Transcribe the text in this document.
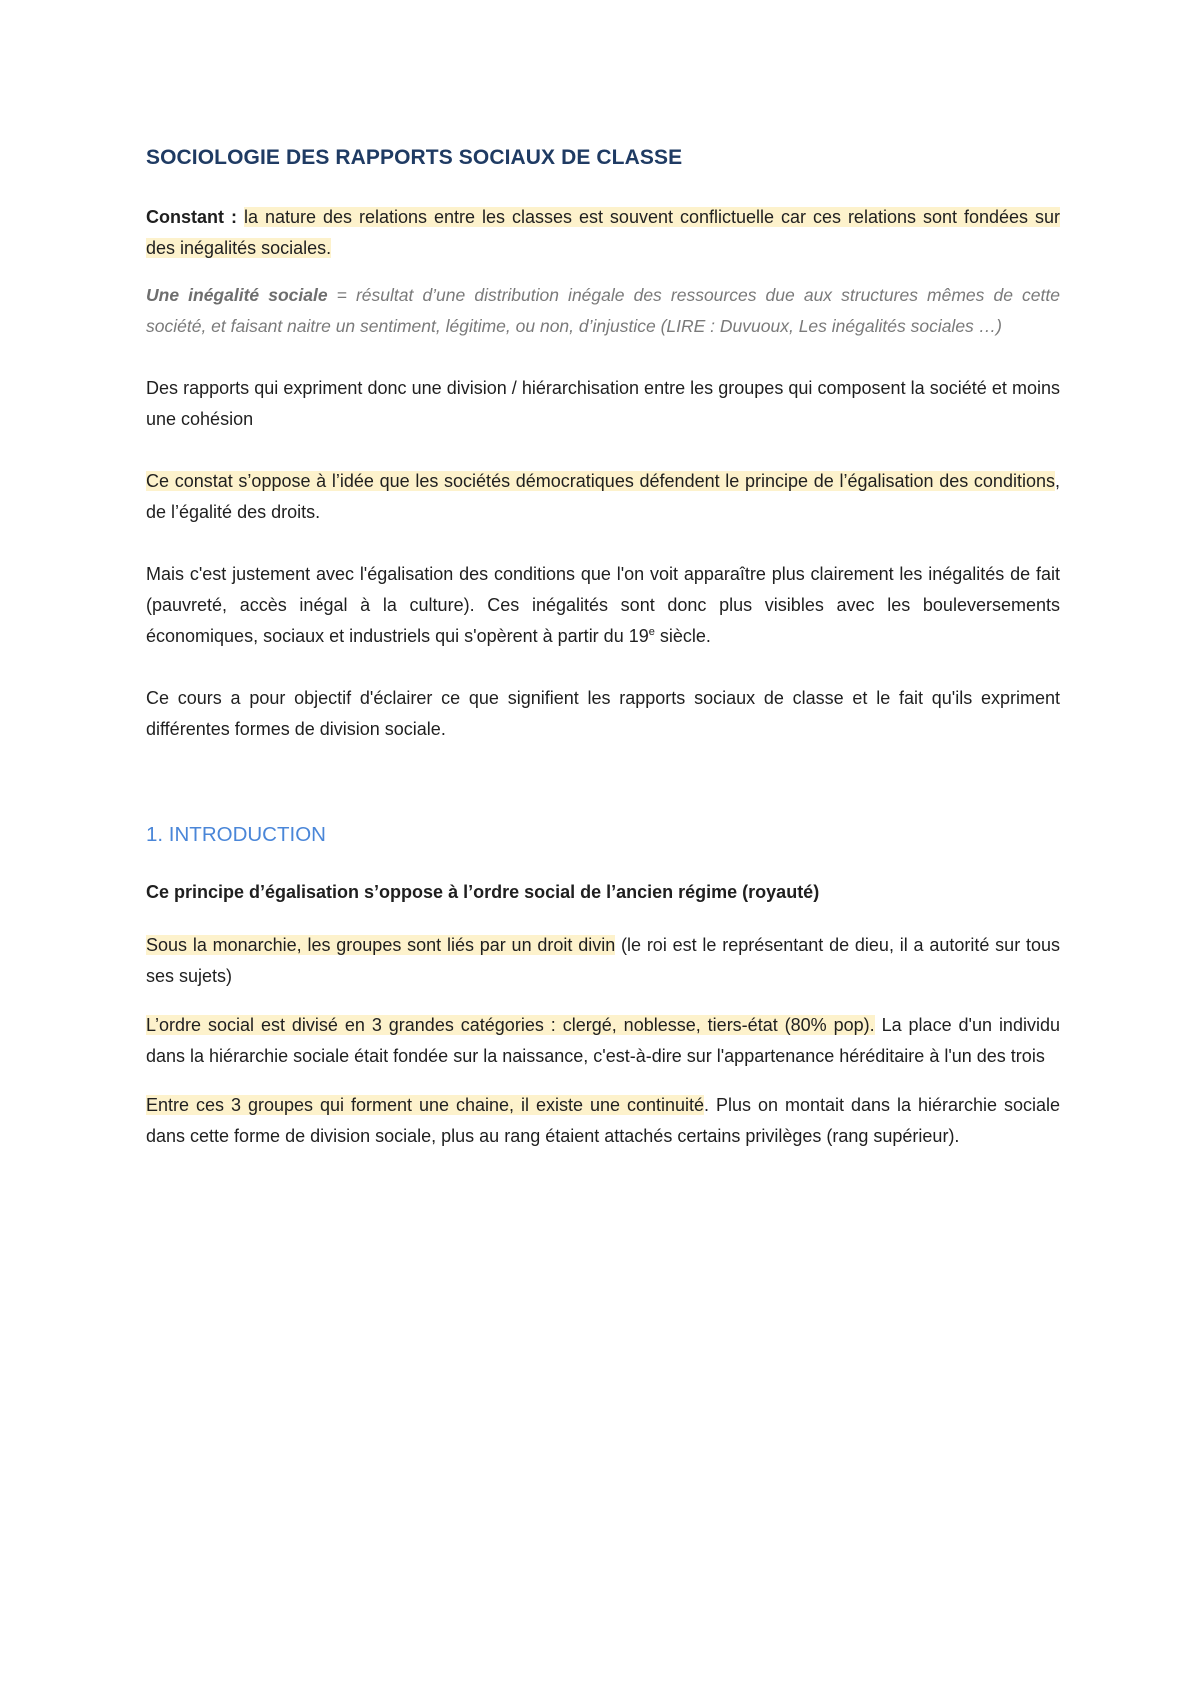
SOCIOLOGIE DES RAPPORTS SOCIAUX DE CLASSE

Constant : la nature des relations entre les classes est souvent conflictuelle car ces relations sont fondées sur des inégalités sociales.

Une inégalité sociale = résultat d’une distribution inégale des ressources due aux structures mêmes de cette société, et faisant naitre un sentiment, légitime, ou non, d’injustice (LIRE : Duvuoux, Les inégalités sociales …)

Des rapports qui expriment donc une division / hiérarchisation entre les groupes qui composent la société et moins une cohésion

Ce constat s’oppose à l’idée que les sociétés démocratiques défendent le principe de l’égalisation des conditions, de l’égalité des droits.

Mais c'est justement avec l'égalisation des conditions que l'on voit apparaître plus clairement les inégalités de fait (pauvreté, accès inégal à la culture). Ces inégalités sont donc plus visibles avec les bouleversements économiques, sociaux et industriels qui s'opèrent à partir du 19e siècle.

Ce cours a pour objectif d'éclairer ce que signifient les rapports sociaux de classe et le fait qu'ils expriment différentes formes de division sociale.

1. INTRODUCTION

Ce principe d’égalisation s’oppose à l’ordre social de l’ancien régime (royauté)

Sous la monarchie, les groupes sont liés par un droit divin (le roi est le représentant de dieu, il a autorité sur tous ses sujets)

L’ordre social est divisé en 3 grandes catégories : clergé, noblesse, tiers-état (80% pop). La place d'un individu dans la hiérarchie sociale était fondée sur la naissance, c'est-à-dire sur l'appartenance héréditaire à l'un des trois

Entre ces 3 groupes qui forment une chaine, il existe une continuité. Plus on montait dans la hiérarchie sociale dans cette forme de division sociale, plus au rang étaient attachés certains privilèges (rang supérieur).
